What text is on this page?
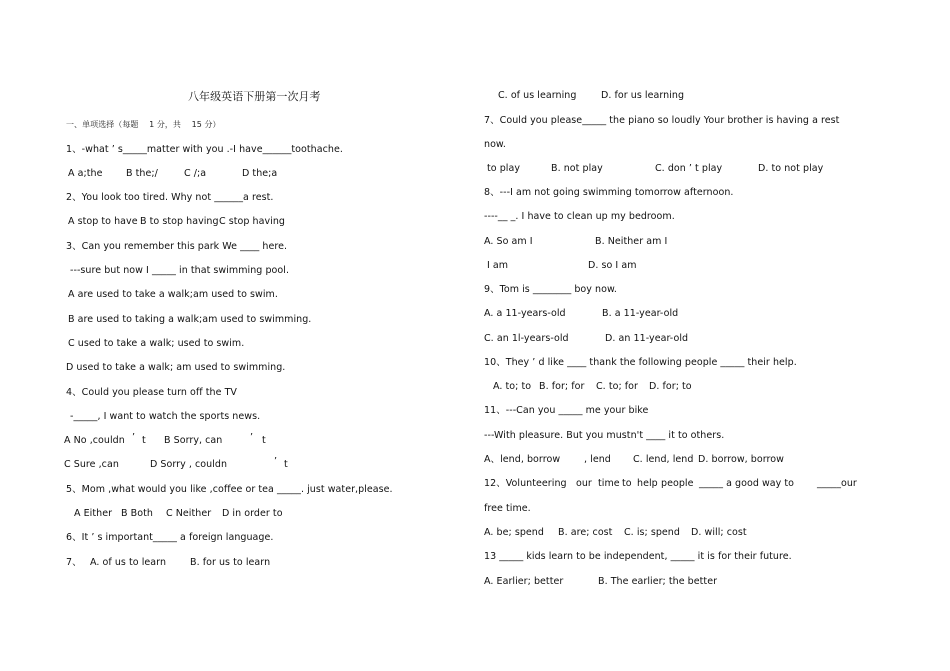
八年级英语下册第一次月考
一、单项选择（每题 　1 分，共 　15 分）
1、-what ’ s_____matter with you .-I have______toothache.
A a;the B the;/	C /;a	D the;a
2、You look too tired. Why not ______a rest.
A stop to have B to stop having C stop having
3、Can you remember this park We ____ here.
---sure but now I _____ in that swimming pool.
A are used to take a walk;am used to swim.
B are used to taking a walk;am used to swimming.
C used to take a walk; used to swim.
D used to take a walk; am used to swimming.
4、Could you please turn off the TV
-_____, I want to watch the sports news.
A No ,couldn ’ t B Sorry, can	’ t
C Sure ,can	D Sorry , couldn	’ t
5、Mom ,what would you like ,coffee or tea _____. just water,please.
A Either B Both C Neither D in order to
6、It ’ s important_____ a foreign language.
7、 A. of us to learn	B. for us to learn
C. of us learning	D. for us learning
7、Could you please_____ the piano so loudly Your brother is having a rest
now.
to play	B. not play	C. don ’ t play	D. to not play
8、---I am not going swimming tomorrow afternoon.
----__ _. I have to clean up my bedroom.
A. So am I	B. Neither am I
I am	D. so I am
9、Tom is ________ boy now.
A. a 11-years-old	B. a 11-year-old
C. an 1l-years-old	D. an 11-year-old
10、They ’ d like ____ thank the following people _____ their help.
A. to; to B. for; for C. to; for D. for; to
11、---Can you _____ me your bike
---With pleasure. But you mustn't ____ it to others.
A、lend, borrow	, lend C. lend, lend D. borrow, borrow
12、Volunteering our time to help people _____ a good way to _____our
free time.
A. be; spend B. are; cost C. is; spend D. will; cost
13 _____ kids learn to be independent, _____ it is for their future.
A. Earlier; better	B. The earlier; the better
